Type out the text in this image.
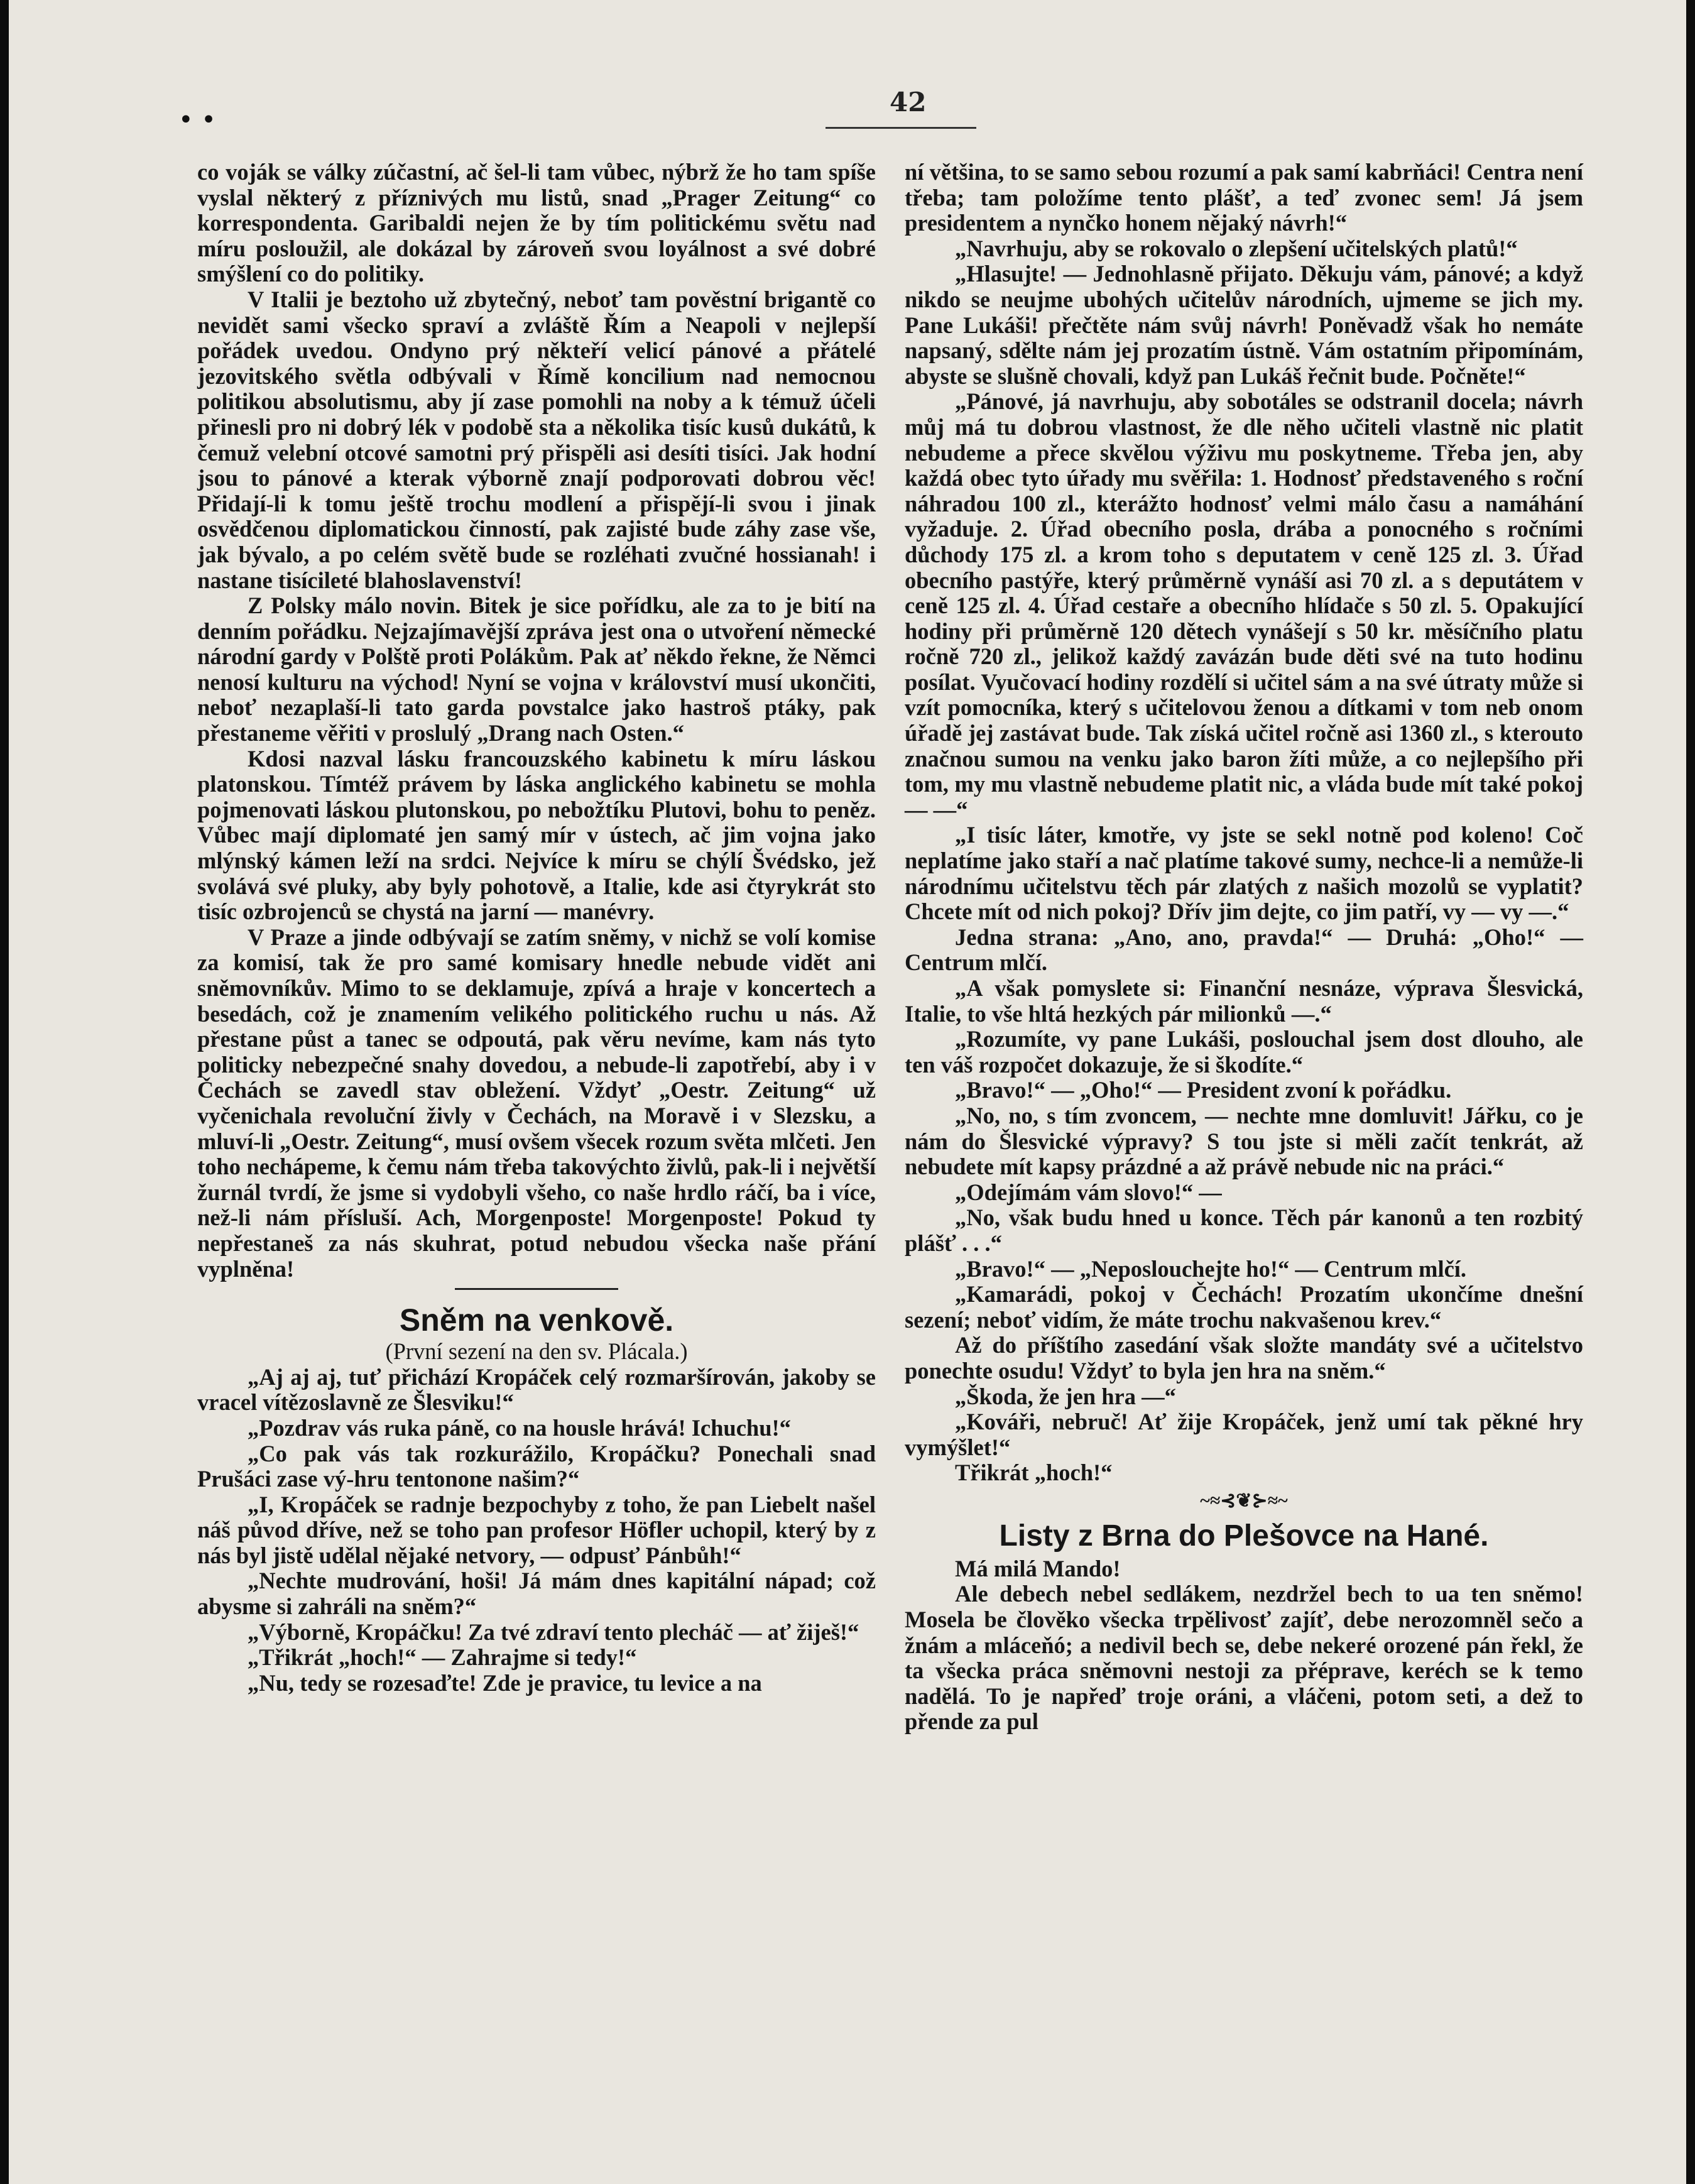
• •
42

co voják se války zúčastní, ač šel-li tam vůbec, nýbrž že ho tam spíše vyslal některý z příznivých mu listů, snad „Prager Zeitung“ co korrespondenta. Garibaldi nejen že by tím politickému světu nad míru posloužil, ale dokázal by zároveň svou loyálnost a své dobré smýšlení co do politiky.

V Italii je beztoho už zbytečný, neboť tam pověstní brigantě co nevidět sami všecko spraví a zvláště Řím a Neapoli v nejlepší pořádek uvedou. Ondyno prý někteří velicí pánové a přátelé jezovitského světla odbývali v Římě koncilium nad nemocnou politikou absolutismu, aby jí zase pomohli na noby a k témuž účeli přinesli pro ni dobrý lék v podobě sta a několika tisíc kusů dukátů, k čemuž velební otcové samotni prý přispěli asi desíti tisíci. Jak hodní jsou to pánové a kterak výborně znají podporovati dobrou věc! Přidají-li k tomu ještě trochu modlení a přispějí-li svou i jinak osvědčenou diplomatickou činností, pak zajisté bude záhy zase vše, jak bývalo, a po celém světě bude se rozléhati zvučné hossianah! i nastane tisícileté blahoslavenství!

Z Polsky málo novin. Bitek je sice pořídku, ale za to je bití na denním pořádku. Nejzajímavější zpráva jest ona o utvoření německé národní gardy v Polště proti Polákům. Pak ať někdo řekne, že Němci nenosí kulturu na východ! Nyní se vojna v království musí ukončiti, neboť nezaplaší-li tato garda povstalce jako hastroš ptáky, pak přestaneme věřiti v proslulý „Drang nach Osten.“

Kdosi nazval lásku francouzského kabinetu k míru láskou platonskou. Tímtéž právem by láska anglického kabinetu se mohla pojmenovati láskou plutonskou, po nebožtíku Plutovi, bohu to peněz. Vůbec mají diplomaté jen samý mír v ústech, ač jim vojna jako mlýnský kámen leží na srdci. Nejvíce k míru se chýlí Švédsko, jež svolává své pluky, aby byly pohotově, a Italie, kde asi čtyrykrát sto tisíc ozbrojenců se chystá na jarní — manévry.

V Praze a jinde odbývají se zatím sněmy, v nichž se volí komise za komisí, tak že pro samé komisary hnedle nebude vidět ani sněmovníkův. Mimo to se deklamuje, zpívá a hraje v koncertech a besedách, což je znamením velikého politického ruchu u nás. Až přestane půst a tanec se odpoutá, pak věru nevíme, kam nás tyto politicky nebezpečné snahy dovedou, a nebude-li zapotřebí, aby i v Čechách se zavedl stav obležení. Vždyť „Oestr. Zeitung“ už vyčenichala revoluční živly v Čechách, na Moravě i v Slezsku, a mluví-li „Oestr. Zeitung“, musí ovšem všecek rozum světa mlčeti. Jen toho nechápeme, k čemu nám třeba takovýchto živlů, pak-li i největší žurnál tvrdí, že jsme si vydobyli všeho, co naše hrdlo ráčí, ba i více, než-li nám přísluší. Ach, Morgenposte! Morgenposte! Pokud ty nepřestaneš za nás skuhrat, potud nebudou všecka naše přání vyplněna!

Sněm na venkově.

(První sezení na den sv. Plácala.)

„Aj aj aj, tuť přichází Kropáček celý rozmaršírován, jakoby se vracel vítězoslavně ze Šlesviku!“

„Pozdrav vás ruka páně, co na housle hrává! Ichuchu!“

„Co pak vás tak rozkurážilo, Kropáčku? Ponechali snad Prušáci zase vý-hru tentonone našim?“

„I, Kropáček se radnje bezpochyby z toho, že pan Liebelt našel náš původ dříve, než se toho pan profesor Höfler uchopil, který by z nás byl jistě udělal nějaké netvory, — odpusť Pánbůh!“

„Nechte mudrování, hoši! Já mám dnes kapitální nápad; což abysme si zahráli na sněm?“

„Výborně, Kropáčku! Za tvé zdraví tento plecháč — ať žiješ!“

„Třikrát „hoch!“ — Zahrajme si tedy!“

„Nu, tedy se rozesaďte! Zde je pravice, tu levice a na

ní většina, to se samo sebou rozumí a pak samí kabrňáci! Centra není třeba; tam položíme tento plášť, a teď zvonec sem! Já jsem presidentem a nynčko honem nějaký návrh!“

„Navrhuju, aby se rokovalo o zlepšení učitelských platů!“

„Hlasujte! — Jednohlasně přijato. Děkuju vám, pánové; a když nikdo se neujme ubohých učitelův národních, ujmeme se jich my. Pane Lukáši! přečtěte nám svůj návrh! Poněvadž však ho nemáte napsaný, sdělte nám jej prozatím ústně. Vám ostatním připomínám, abyste se slušně chovali, když pan Lukáš řečnit bude. Počněte!“

„Pánové, já navrhuju, aby sobotáles se odstranil docela; návrh můj má tu dobrou vlastnost, že dle něho učiteli vlastně nic platit nebudeme a přece skvělou výživu mu poskytneme. Třeba jen, aby každá obec tyto úřady mu svěřila: 1. Hodnosť představeného s roční náhradou 100 zl., kterážto hodnosť velmi málo času a namáhání vyžaduje. 2. Úřad obecního posla, drába a ponocného s ročními důchody 175 zl. a krom toho s deputatem v ceně 125 zl. 3. Úřad obecního pastýře, který průměrně vynáší asi 70 zl. a s deputátem v ceně 125 zl. 4. Úřad cestaře a obecního hlídače s 50 zl. 5. Opakující hodiny při průměrně 120 dětech vynášejí s 50 kr. měsíčního platu ročně 720 zl., jelikož každý zavázán bude děti své na tuto hodinu posílat. Vyučovací hodiny rozdělí si učitel sám a na své útraty může si vzít pomocníka, který s učitelovou ženou a dítkami v tom neb onom úřadě jej zastávat bude. Tak získá učitel ročně asi 1360 zl., s kterouto značnou sumou na venku jako baron žíti může, a co nejlepšího při tom, my mu vlastně nebudeme platit nic, a vláda bude mít také pokoj — —“

„I tisíc láter, kmotře, vy jste se sekl notně pod koleno! Coč neplatíme jako staří a nač platíme takové sumy, nechce-li a nemůže-li národnímu učitelstvu těch pár zlatých z našich mozolů se vyplatit? Chcete mít od nich pokoj? Dřív jim dejte, co jim patří, vy — vy —.“

Jedna strana: „Ano, ano, pravda!“ — Druhá: „Oho!“ — Centrum mlčí.

„A však pomyslete si: Finanční nesnáze, výprava Šlesvická, Italie, to vše hltá hezkých pár milionků —.“

„Rozumíte, vy pane Lukáši, poslouchal jsem dost dlouho, ale ten váš rozpočet dokazuje, že si škodíte.“

„Bravo!“ — „Oho!“ — President zvoní k pořádku.

„No, no, s tím zvoncem, — nechte mne domluvit! Jářku, co je nám do Šlesvické výpravy? S tou jste si měli začít tenkrát, až nebudete mít kapsy prázdné a až právě nebude nic na práci.“

„Odejímám vám slovo!“ —

„No, však budu hned u konce. Těch pár kanonů a ten rozbitý plášť . . .“

„Bravo!“ — „Neposlouchejte ho!“ — Centrum mlčí.

„Kamarádi, pokoj v Čechách! Prozatím ukončíme dnešní sezení; neboť vidím, že máte trochu nakvašenou krev.“

Až do příštího zasedání však složte mandáty své a učitelstvo ponechte osudu! Vždyť to byla jen hra na sněm.“

„Škoda, že jen hra —“

„Kováři, nebruč! Ať žije Kropáček, jenž umí tak pěkné hry vymýšlet!“

Třikrát „hoch!“

~≈⊰❦⊱≈~

Listy z Brna do Plešovce na Hané.

Má milá Mando!

Ale debech nebel sedlákem, nezdržel bech to ua ten sněmo! Mosela be člověko všecka trpělivosť zajíť, debe nerozomněl sečo a žnám a mláceňó; a nedivil bech se, debe nekeré orozené pán řekl, že ta všecka práca sněmovni nestoji za přéprave, keréch se k temo nadělá. To je napřeď troje oráni, a vláčeni, potom seti, a dež to přende za pul
